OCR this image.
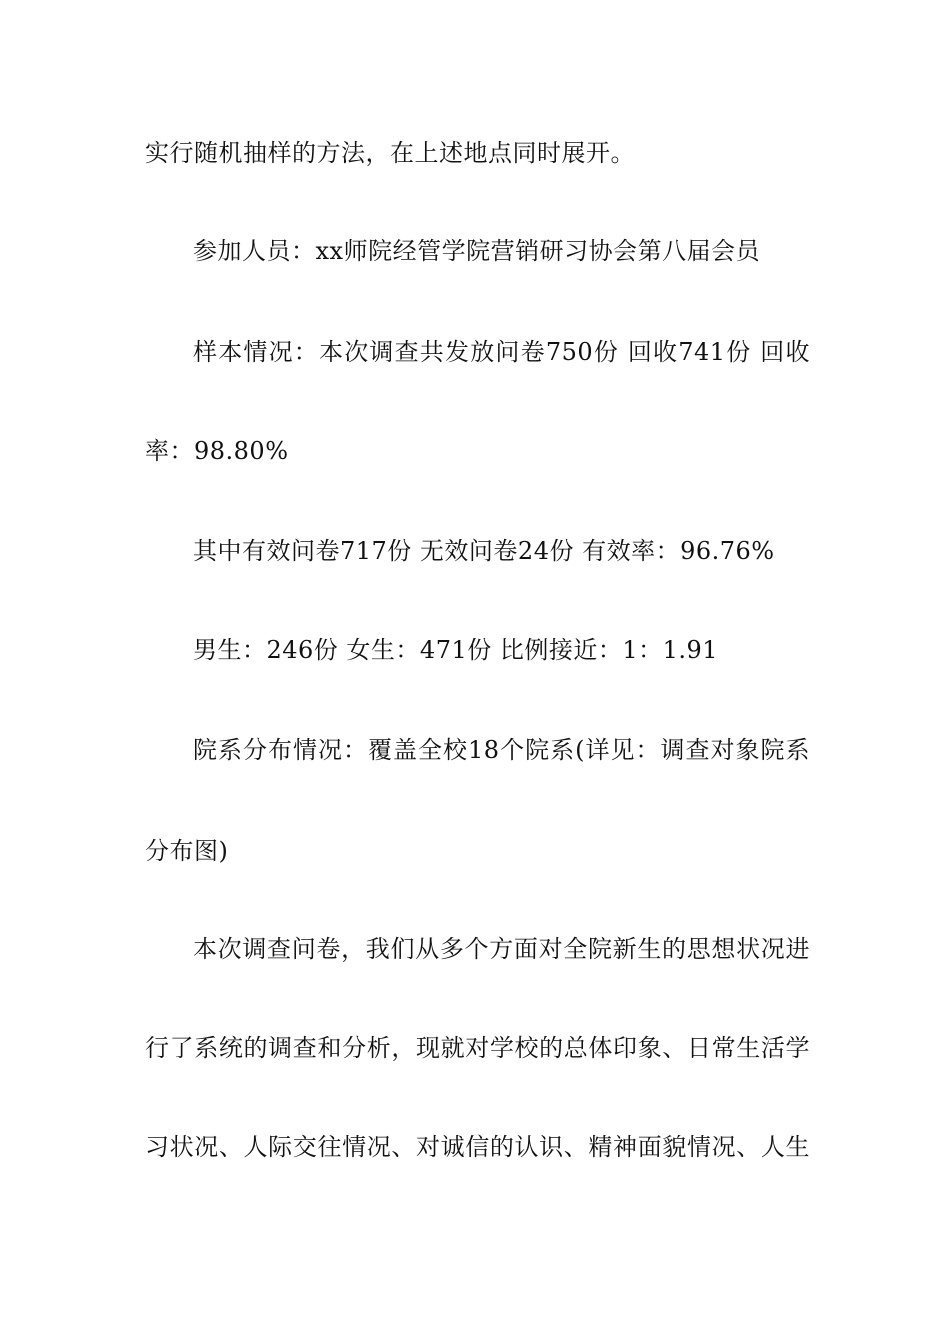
实行随机抽样的方法，在上述地点同时展开。
参加人员：xx师院经管学院营销研习协会第八届会员
样本情况：本次调查共发放问卷750份 回收741份 回收
率：98.80%
其中有效问卷717份 无效问卷24份 有效率：96.76%
男生：246份 女生：471份 比例接近：1：1.91
院系分布情况：覆盖全校18个院系(详见：调查对象院系
分布图)
本次调查问卷，我们从多个方面对全院新生的思想状况进
行了系统的调查和分析，现就对学校的总体印象、日常生活学
习状况、人际交往情况、对诚信的认识、精神面貌情况、人生
